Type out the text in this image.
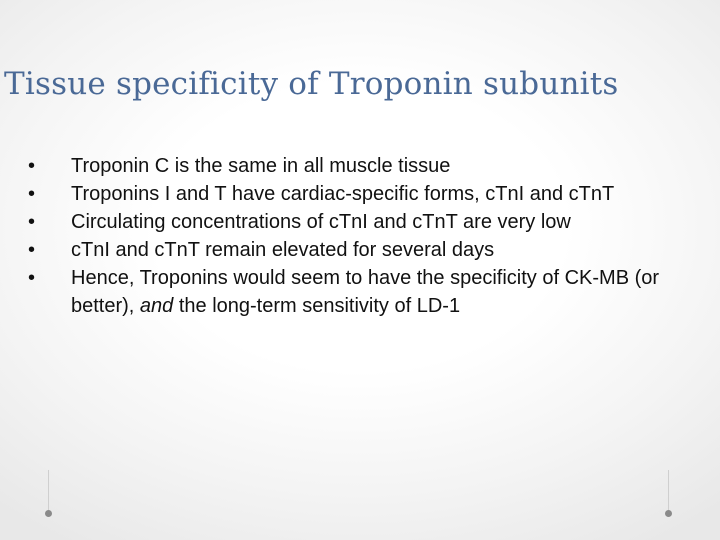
Tissue specificity of Troponin subunits
• Troponin C is the same in all muscle tissue
• Troponins I and T have cardiac-specific forms, cTnI and cTnT
• Circulating concentrations of cTnI and cTnT are very low
• cTnI and cTnT remain elevated for several days
• Hence, Troponins would seem to have the specificity of CK-MB (or better), and the long-term sensitivity of LD-1
